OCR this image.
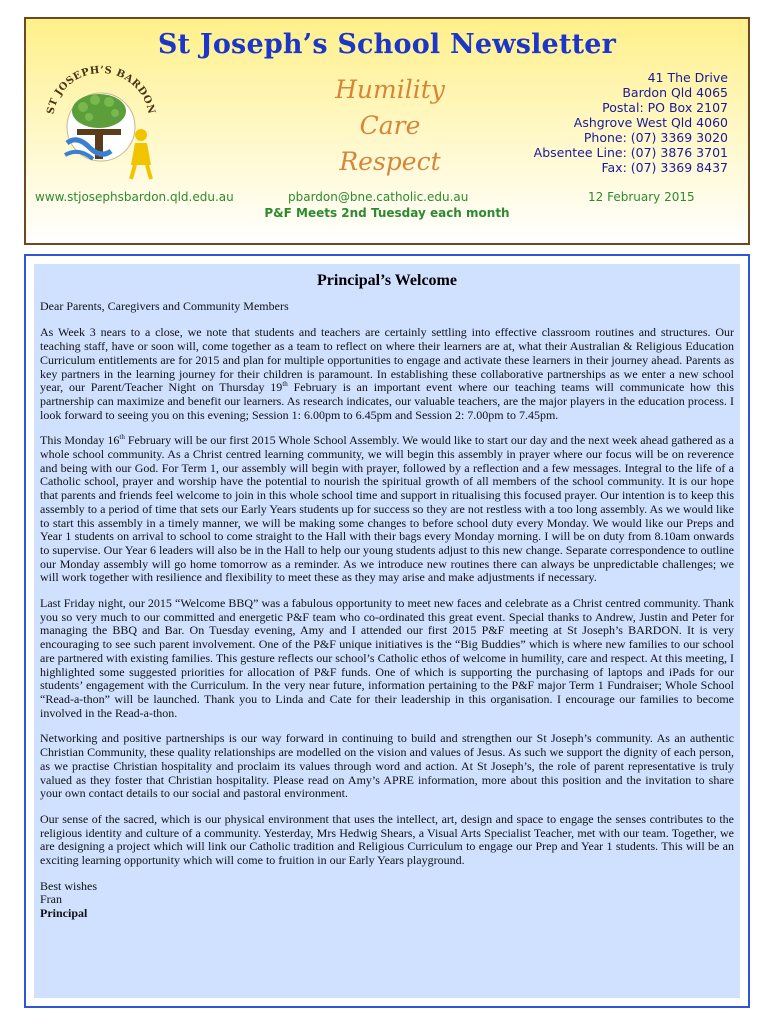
St Joseph’s School Newsletter
ST JOSEPH’S BARDON
Humility
Care
Respect
41 The Drive
Bardon Qld 4065
Postal: PO Box 2107
Ashgrove West Qld 4060
Phone: (07) 3369 3020
Absentee Line: (07) 3876 3701
Fax: (07) 3369 8437
www.stjosephsbardon.qld.edu.au	pbardon@bne.catholic.edu.au	12 February 2015
P&F Meets 2nd Tuesday each month
Principal’s Welcome

Dear Parents, Caregivers and Community Members

As Week 3 nears to a close, we note that students and teachers are certainly settling into effective classroom routines and structures. Our teaching staff, have or soon will, come together as a team to reflect on where their learners are at, what their Australian & Religious Education Curriculum entitlements are for 2015 and plan for multiple opportunities to engage and activate these learners in their journey ahead. Parents as key partners in the learning journey for their children is paramount. In establishing these collaborative partnerships as we enter a new school year, our Parent/Teacher Night on Thursday 19th February is an important event where our teaching teams will communicate how this partnership can maximize and benefit our learners. As research indicates, our valuable teachers, are the major players in the education process. I look forward to seeing you on this evening; Session 1: 6.00pm to 6.45pm and Session 2: 7.00pm to 7.45pm.

This Monday 16th February will be our first 2015 Whole School Assembly. We would like to start our day and the next week ahead gathered as a whole school community. As a Christ centred learning community, we will begin this assembly in prayer where our focus will be on reverence and being with our God. For Term 1, our assembly will begin with prayer, followed by a reflection and a few messages. Integral to the life of a Catholic school, prayer and worship have the potential to nourish the spiritual growth of all members of the school community. It is our hope that parents and friends feel welcome to join in this whole school time and support in ritualising this focused prayer. Our intention is to keep this assembly to a period of time that sets our Early Years students up for success so they are not restless with a too long assembly. As we would like to start this assembly in a timely manner, we will be making some changes to before school duty every Monday. We would like our Preps and Year 1 students on arrival to school to come straight to the Hall with their bags every Monday morning. I will be on duty from 8.10am onwards to supervise. Our Year 6 leaders will also be in the Hall to help our young students adjust to this new change. Separate correspondence to outline our Monday assembly will go home tomorrow as a reminder. As we introduce new routines there can always be unpredictable challenges; we will work together with resilience and flexibility to meet these as they may arise and make adjustments if necessary.

Last Friday night, our 2015 “Welcome BBQ” was a fabulous opportunity to meet new faces and celebrate as a Christ centred community. Thank you so very much to our committed and energetic P&F team who co-ordinated this great event. Special thanks to Andrew, Justin and Peter for managing the BBQ and Bar. On Tuesday evening, Amy and I attended our first 2015 P&F meeting at St Joseph’s BARDON. It is very encouraging to see such parent involvement. One of the P&F unique initiatives is the “Big Buddies” which is where new families to our school are partnered with existing families. This gesture reflects our school’s Catholic ethos of welcome in humility, care and respect. At this meeting, I highlighted some suggested priorities for allocation of P&F funds. One of which is supporting the purchasing of laptops and iPads for our students’ engagement with the Curriculum. In the very near future, information pertaining to the P&F major Term 1 Fundraiser; Whole School “Read-a-thon” will be launched. Thank you to Linda and Cate for their leadership in this organisation. I encourage our families to become involved in the Read-a-thon.

Networking and positive partnerships is our way forward in continuing to build and strengthen our St Joseph’s community. As an authentic Christian Community, these quality relationships are modelled on the vision and values of Jesus. As such we support the dignity of each person, as we practise Christian hospitality and proclaim its values through word and action. At St Joseph’s, the role of parent representative is truly valued as they foster that Christian hospitality. Please read on Amy’s APRE information, more about this position and the invitation to share your own contact details to our social and pastoral environment.

Our sense of the sacred, which is our physical environment that uses the intellect, art, design and space to engage the senses contributes to the religious identity and culture of a community. Yesterday, Mrs Hedwig Shears, a Visual Arts Specialist Teacher, met with our team. Together, we are designing a project which will link our Catholic tradition and Religious Curriculum to engage our Prep and Year 1 students. This will be an exciting learning opportunity which will come to fruition in our Early Years playground.

Best wishes
Fran
Principal
